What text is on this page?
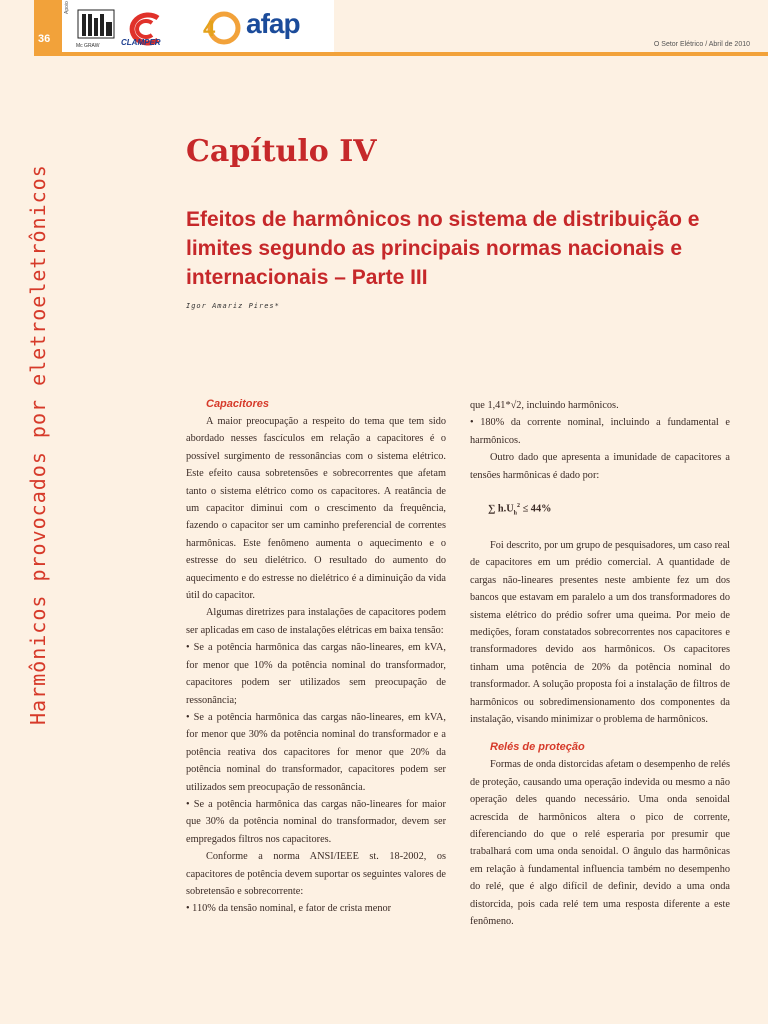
36
Apoio
Mc GRAW	CLAMPER
4 afap
O Setor Elétrico / Abril de 2010
Harmônicos provocados por eletroeletrônicos
Capítulo IV
Efeitos de harmônicos no sistema de distribuição e limites segundo as principais normas nacionais e internacionais – Parte III
Igor Amariz Pires*

Capacitores

A maior preocupação a respeito do tema que tem sido abordado nesses fascículos em relação a capacitores é o possível surgimento de ressonâncias com o sistema elétrico. Este efeito causa sobretensões e sobrecorrentes que afetam tanto o sistema elétrico como os capacitores. A reatância de um capacitor diminui com o crescimento da frequência, fazendo o capacitor ser um caminho preferencial de correntes harmônicas. Este fenômeno aumenta o aquecimento e o estresse do seu dielétrico. O resultado do aumento do aquecimento e do estresse no dielétrico é a diminuição da vida útil do capacitor.

Algumas diretrizes para instalações de capacitores podem ser aplicadas em caso de instalações elétricas em baixa tensão:

• Se a potência harmônica das cargas não-lineares, em kVA, for menor que 10% da potência nominal do transformador, capacitores podem ser utilizados sem preocupação de ressonância;

• Se a potência harmônica das cargas não-lineares, em kVA, for menor que 30% da potência nominal do transformador e a potência reativa dos capacitores for menor que 20% da potência nominal do transformador, capacitores podem ser utilizados sem preocupação de ressonância.

• Se a potência harmônica das cargas não-lineares for maior que 30% da potência nominal do transformador, devem ser empregados filtros nos capacitores.

Conforme a norma ANSI/IEEE st. 18-2002, os capacitores de potência devem suportar os seguintes valores de sobretensão e sobrecorrente:

• 110% da tensão nominal, e fator de crista menor

que 1,41*√2, incluindo harmônicos.

• 180% da corrente nominal, incluindo a fundamental e harmônicos.

Outro dado que apresenta a imunidade de capacitores a tensões harmônicas é dado por:

∑ $h.U_h^2 \le 44\%$

Foi descrito, por um grupo de pesquisadores, um caso real de capacitores em um prédio comercial. A quantidade de cargas não-lineares presentes neste ambiente fez um dos bancos que estavam em paralelo a um dos transformadores do sistema elétrico do prédio sofrer uma queima. Por meio de medições, foram constatados sobrecorrentes nos capacitores e transformadores devido aos harmônicos. Os capacitores tinham uma potência de 20% da potência nominal do transformador. A solução proposta foi a instalação de filtros de harmônicos ou sobredimensionamento dos componentes da instalação, visando minimizar o problema de harmônicos.

Relés de proteção

Formas de onda distorcidas afetam o desempenho de relés de proteção, causando uma operação indevida ou mesmo a não operação deles quando necessário. Uma onda senoidal acrescida de harmônicos altera o pico de corrente, diferenciando do que o relé esperaria por presumir que trabalhará com uma onda senoidal. O ângulo das harmônicas em relação à fundamental influencia também no desempenho do relé, que é algo difícil de definir, devido a uma onda distorcida, pois cada relé tem uma resposta diferente a este fenômeno.
